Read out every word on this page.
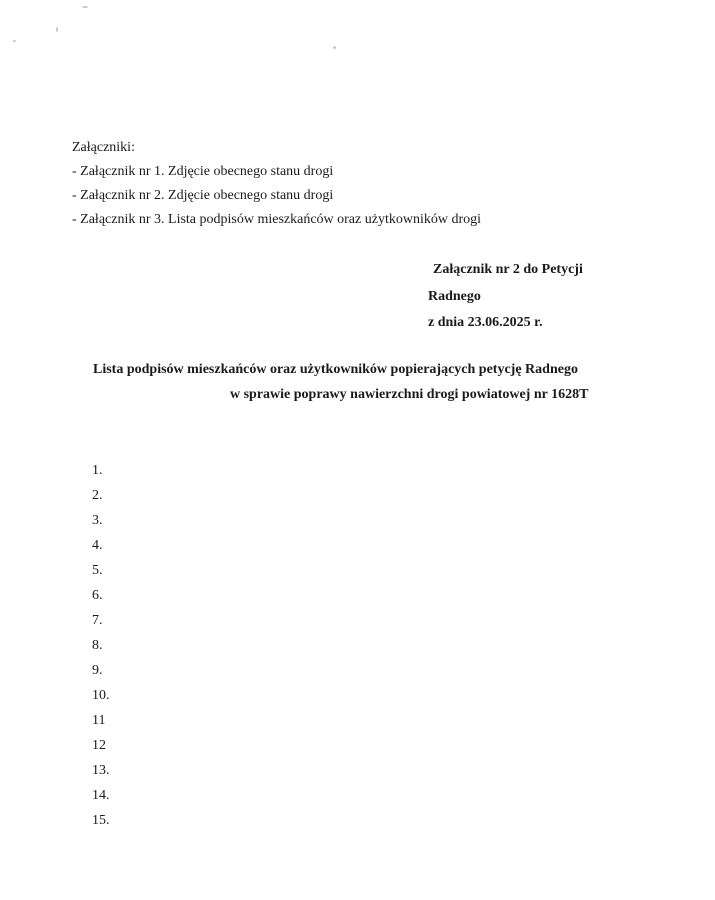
Załączniki:
- Załącznik nr 1. Zdjęcie obecnego stanu drogi
- Załącznik nr 2. Zdjęcie obecnego stanu drogi
- Załącznik nr 3. Lista podpisów mieszkańców oraz użytkowników drogi
Załącznik nr 2 do Petycji
Radnego
z dnia 23.06.2025 r.
Lista podpisów mieszkańców oraz użytkowników popierających petycję Radnego
w sprawie poprawy nawierzchni drogi powiatowej nr 1628T
1.
2.
3.
4.
5.
6.
7.
8.
9.
10.
11
12
13.
14.
15.
